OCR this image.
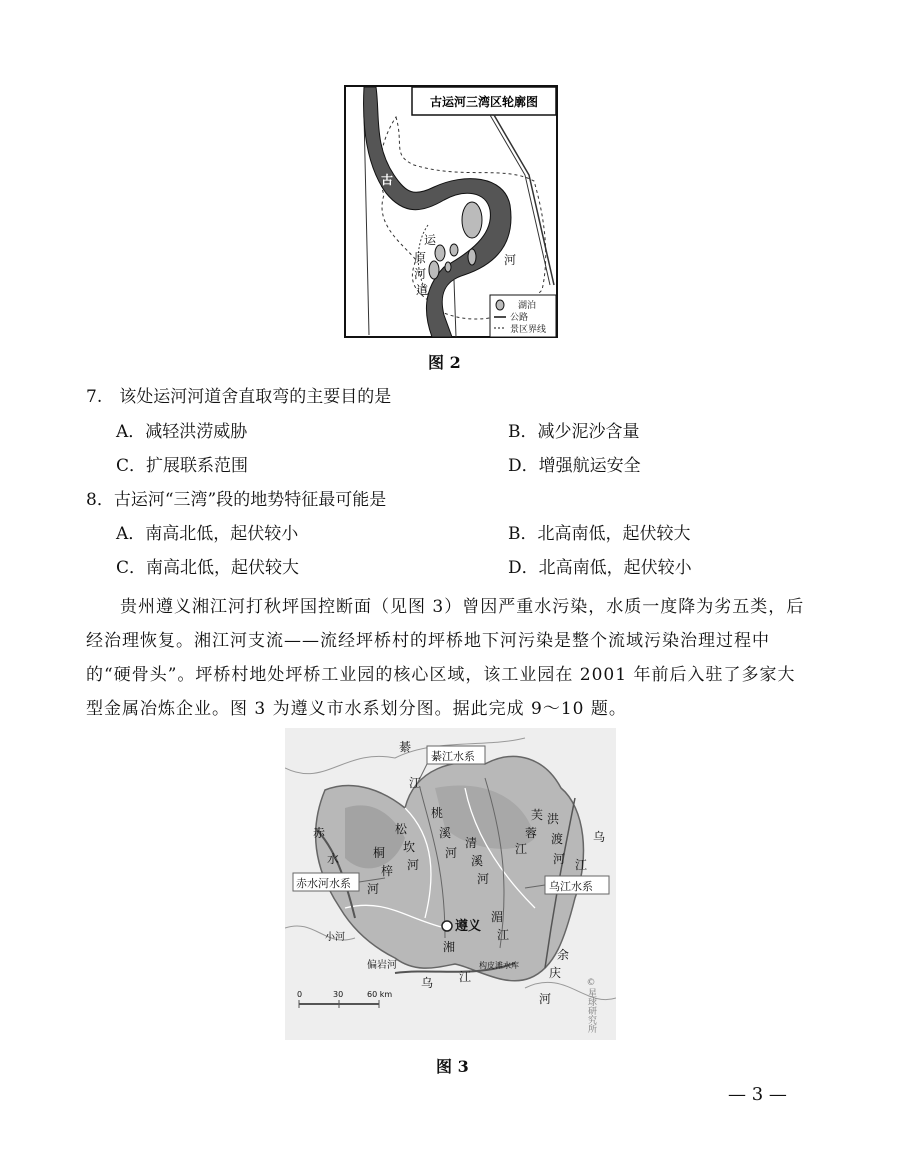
古运河三湾区轮廓图
古
运
河
原
河
道
湖泊
公路
景区界线
图 2
7.　该处运河河道舍直取弯的主要目的是
A．减轻洪涝威胁	B．减少泥沙含量
C．扩展联系范围	D．增强航运安全
8．古运河“三湾”段的地势特征最可能是
A．南高北低，起伏较小	B．北高南低，起伏较大
C．南高北低，起伏较大	D．北高南低，起伏较小
贵州遵义湘江河打秋坪国控断面（见图 3）曾因严重水污染，水质一度降为劣五类，后经治理恢复。湘江河支流——流经坪桥村的坪桥地下河污染是整个流域污染治理过程中的“硬骨头”。坪桥村地处坪桥工业园的核心区域，该工业园在 2001 年前后入驻了多家大型金属冶炼企业。图 3 为遵义市水系划分图。据此完成 9～10 题。
綦江水系
赤水河水系	乌江水系
遵义
綦
江
赤
水
乌
江
桐
梓
河
桃
溪
河
芙
蓉
江
清
溪
河
湘
余
庆
河
乌 江
湄
江
洪
渡
河
松
坎
河
偏岩河
小河
构皮滩水库
0	30	60 km	©星球研究所
图 3
— 3 —
